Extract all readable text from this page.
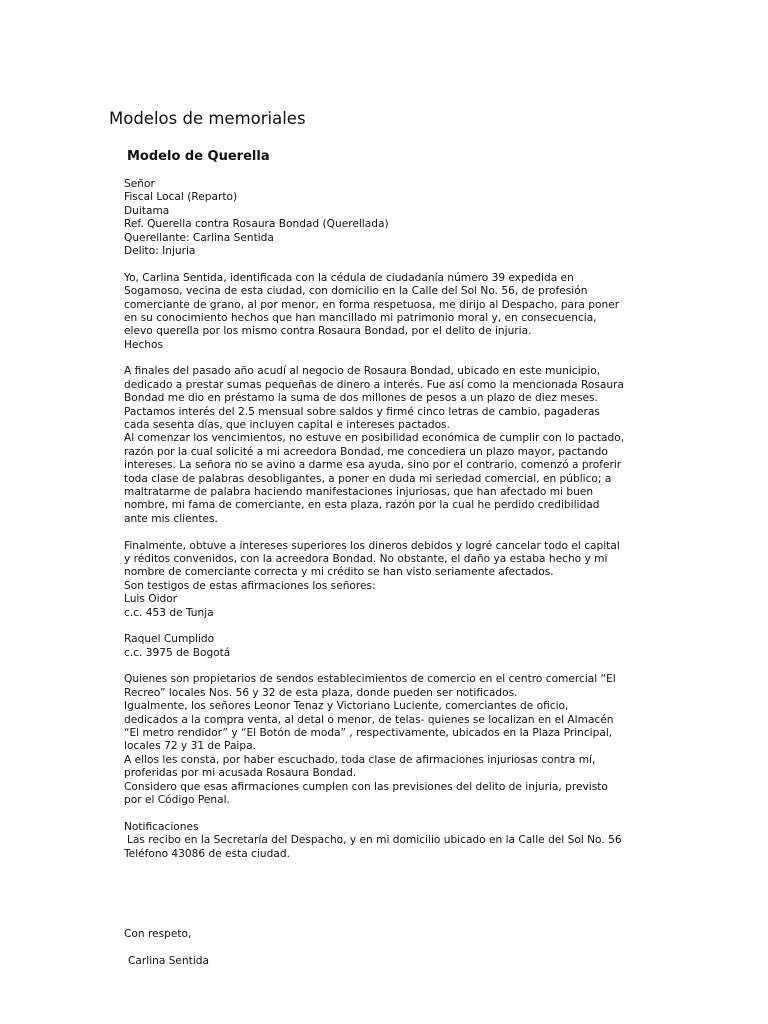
Modelos de memoriales
Modelo de Querella
Señor
Fiscal Local (Reparto)
Duitama
Ref. Querella contra Rosaura Bondad (Querellada)
Querellante: Carlina Sentida
Delito: Injuria
Yo, Carlina Sentida, identificada con la cédula de ciudadanía número 39 expedida en
Sogamoso, vecina de esta ciudad, con domicilio en la Calle del Sol No. 56, de profesión
comerciante de grano, al por menor, en forma respetuosa, me dirijo al Despacho, para poner
en su conocimiento hechos que han mancillado mi patrimonio moral y, en consecuencia,
elevo querella por los mismo contra Rosaura Bondad, por el delito de injuria.
Hechos
A finales del pasado año acudí al negocio de Rosaura Bondad, ubicado en este municipio,
dedicado a prestar sumas pequeñas de dinero a interés. Fue así como la mencionada Rosaura
Bondad me dio en préstamo la suma de dos millones de pesos a un plazo de diez meses.
Pactamos interés del 2.5 mensual sobre saldos y firmé cinco letras de cambio, pagaderas
cada sesenta días, que incluyen capital e intereses pactados.
Al comenzar los vencimientos, no estuve en posibilidad económica de cumplir con lo pactado,
razón por la cual solicité a mi acreedora Bondad, me concediera un plazo mayor, pactando
intereses. La señora no se avino a darme esa ayuda, sino por el contrario, comenzó a proferir
toda clase de palabras desobligantes, a poner en duda mi seriedad comercial, en público; a
maltratarme de palabra haciendo manifestaciones injuriosas, que han afectado mi buen
nombre, mi fama de comerciante, en esta plaza, razón por la cual he perdido credibilidad
ante mis clientes.
Finalmente, obtuve a intereses superiores los dineros debidos y logré cancelar todo el capital
y réditos convenidos, con la acreedora Bondad. No obstante, el daño ya estaba hecho y mi
nombre de comerciante correcta y mi crédito se han visto seriamente afectados.
Son testigos de estas afirmaciones los señores:
Luis Oidor
c.c. 453 de Tunja
Raquel Cumplido
c.c. 3975 de Bogotá
Quienes son propietarios de sendos establecimientos de comercio en el centro comercial “El
Recreo” locales Nos. 56 y 32 de esta plaza, donde pueden ser notificados.
Igualmente, los señores Leonor Tenaz y Victoriano Luciente, comerciantes de oficio,
dedicados a la compra venta, al detal o menor, de telas- quienes se localizan en el Almacén
“El metro rendidor” y “El Botón de moda” , respectivamente, ubicados en la Plaza Principal,
locales 72 y 31 de Paipa.
A ellos les consta, por haber escuchado, toda clase de afirmaciones injuriosas contra mí,
proferidas por mi acusada Rosaura Bondad.
Considero que esas afirmaciones cumplen con las previsiones del delito de injuria, previsto
por el Código Penal.
Notificaciones
Las recibo en la Secretaría del Despacho, y en mi domicilio ubicado en la Calle del Sol No. 56
Teléfono 43086 de esta ciudad.
Con respeto,
Carlina Sentida
